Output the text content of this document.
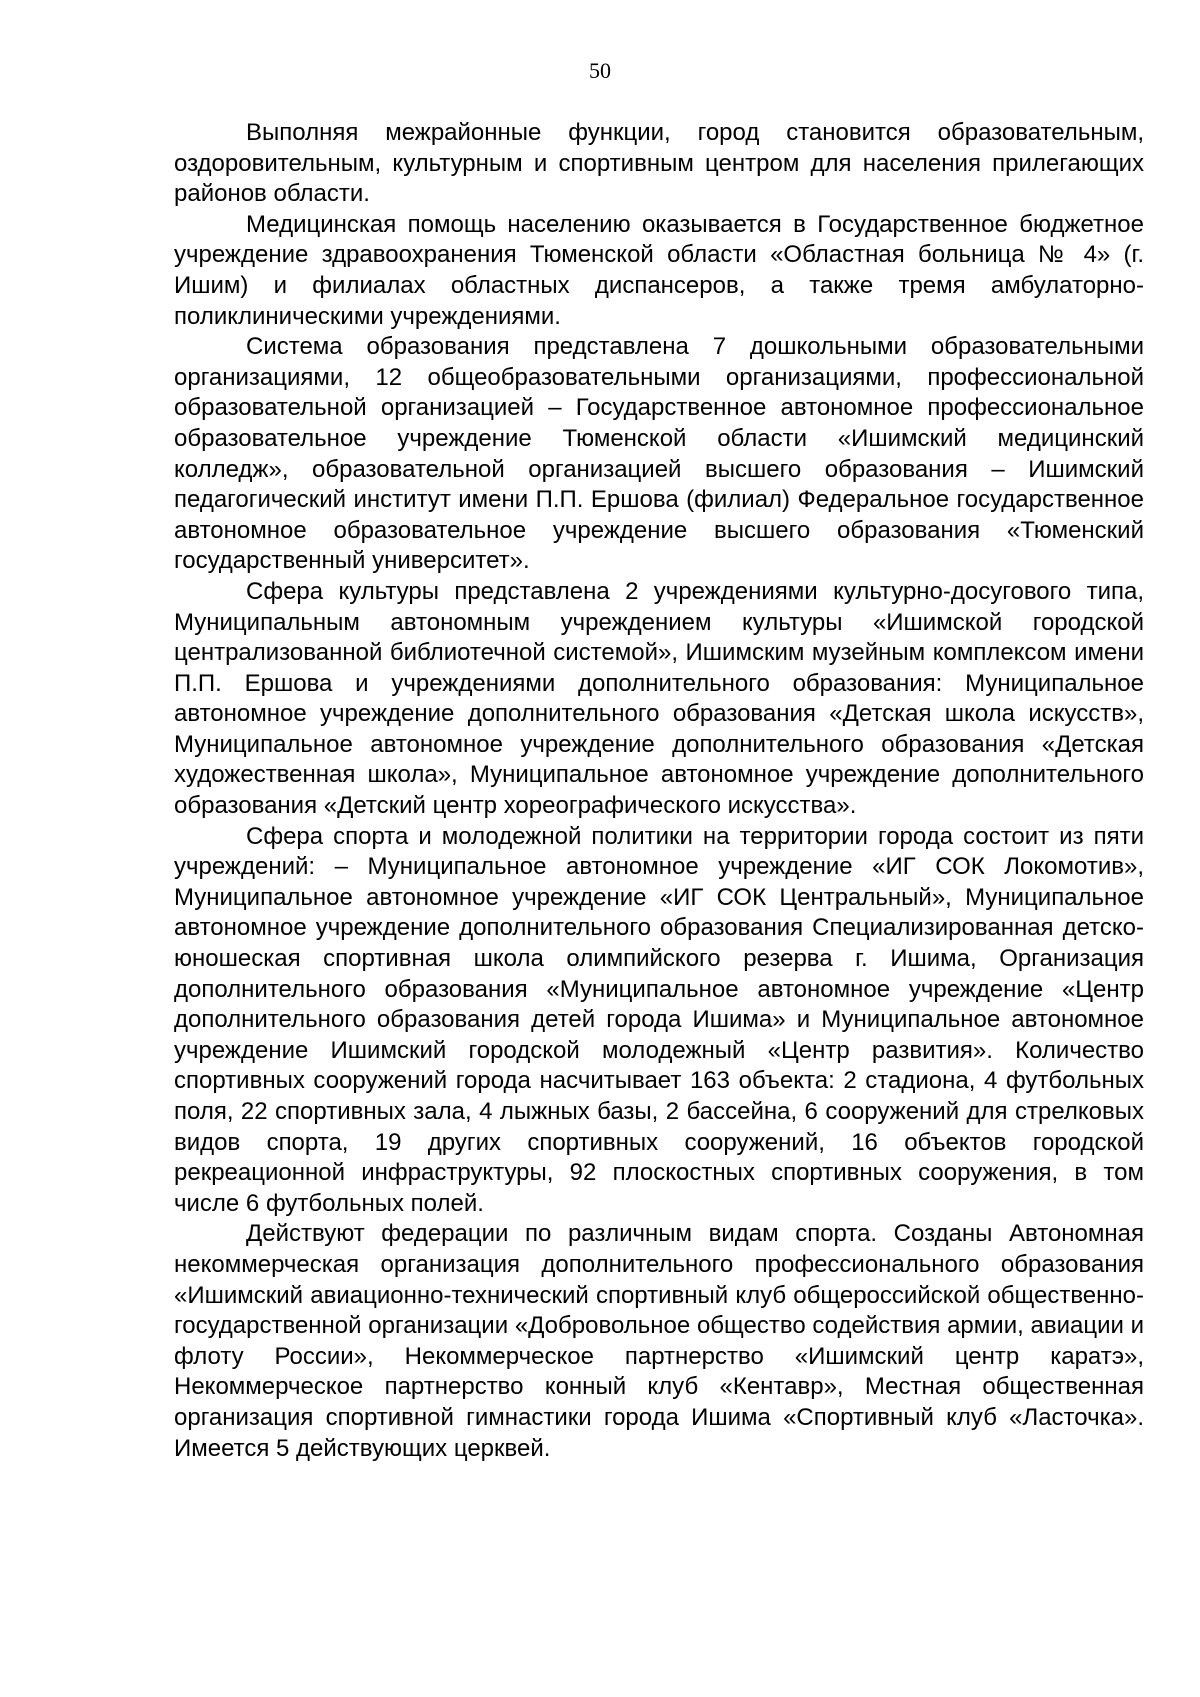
50

Выполняя межрайонные функции, город становится образовательным, оздоровительным, культурным и спортивным центром для населения прилегающих районов области.

Медицинская помощь населению оказывается в Государственное бюджетное учреждение здравоохранения Тюменской области «Областная больница № 4» (г. Ишим) и филиалах областных диспансеров, а также тремя амбулаторно-поликлиническими учреждениями.

Система образования представлена 7 дошкольными образовательными организациями, 12 общеобразовательными организациями, профессиональной образовательной организацией – Государственное автономное профессиональное образовательное учреждение Тюменской области «Ишимский медицинский колледж», образовательной организацией высшего образования – Ишимский педагогический институт имени П.П. Ершова (филиал) Федеральное государственное автономное образовательное учреждение высшего образования «Тюменский государственный университет».

Сфера культуры представлена 2 учреждениями культурно-досугового типа, Муниципальным автономным учреждением культуры «Ишимской городской централизованной библиотечной системой», Ишимским музейным комплексом имени П.П. Ершова и учреждениями дополнительного образования: Муниципальное автономное учреждение дополнительного образования «Детская школа искусств», Муниципальное автономное учреждение дополнительного образования «Детская художественная школа», Муниципальное автономное учреждение дополнительного образования «Детский центр хореографического искусства».

Сфера спорта и молодежной политики на территории города состоит из пяти учреждений: – Муниципальное автономное учреждение «ИГ СОК Локомотив», Муниципальное автономное учреждение «ИГ СОК Центральный», Муниципальное автономное учреждение дополнительного образования Специализированная детско-юношеская спортивная школа олимпийского резерва г. Ишима, Организация дополнительного образования «Муниципальное автономное учреждение «Центр дополнительного образования детей города Ишима» и Муниципальное автономное учреждение Ишимский городской молодежный «Центр развития». Количество спортивных сооружений города насчитывает 163 объекта: 2 стадиона, 4 футбольных поля, 22 спортивных зала, 4 лыжных базы, 2 бассейна, 6 сооружений для стрелковых видов спорта, 19 других спортивных сооружений, 16 объектов городской рекреационной инфраструктуры, 92 плоскостных спортивных сооружения, в том числе 6 футбольных полей.

Действуют федерации по различным видам спорта. Созданы Автономная некоммерческая организация дополнительного профессионального образования «Ишимский авиационно-технический спортивный клуб общероссийской общественно-государственной организации «Добровольное общество содействия армии, авиации и флоту России», Некоммерческое партнерство «Ишимский центр каратэ», Некоммерческое партнерство конный клуб «Кентавр», Местная общественная организация спортивной гимнастики города Ишима «Спортивный клуб «Ласточка». Имеется 5 действующих церквей.
